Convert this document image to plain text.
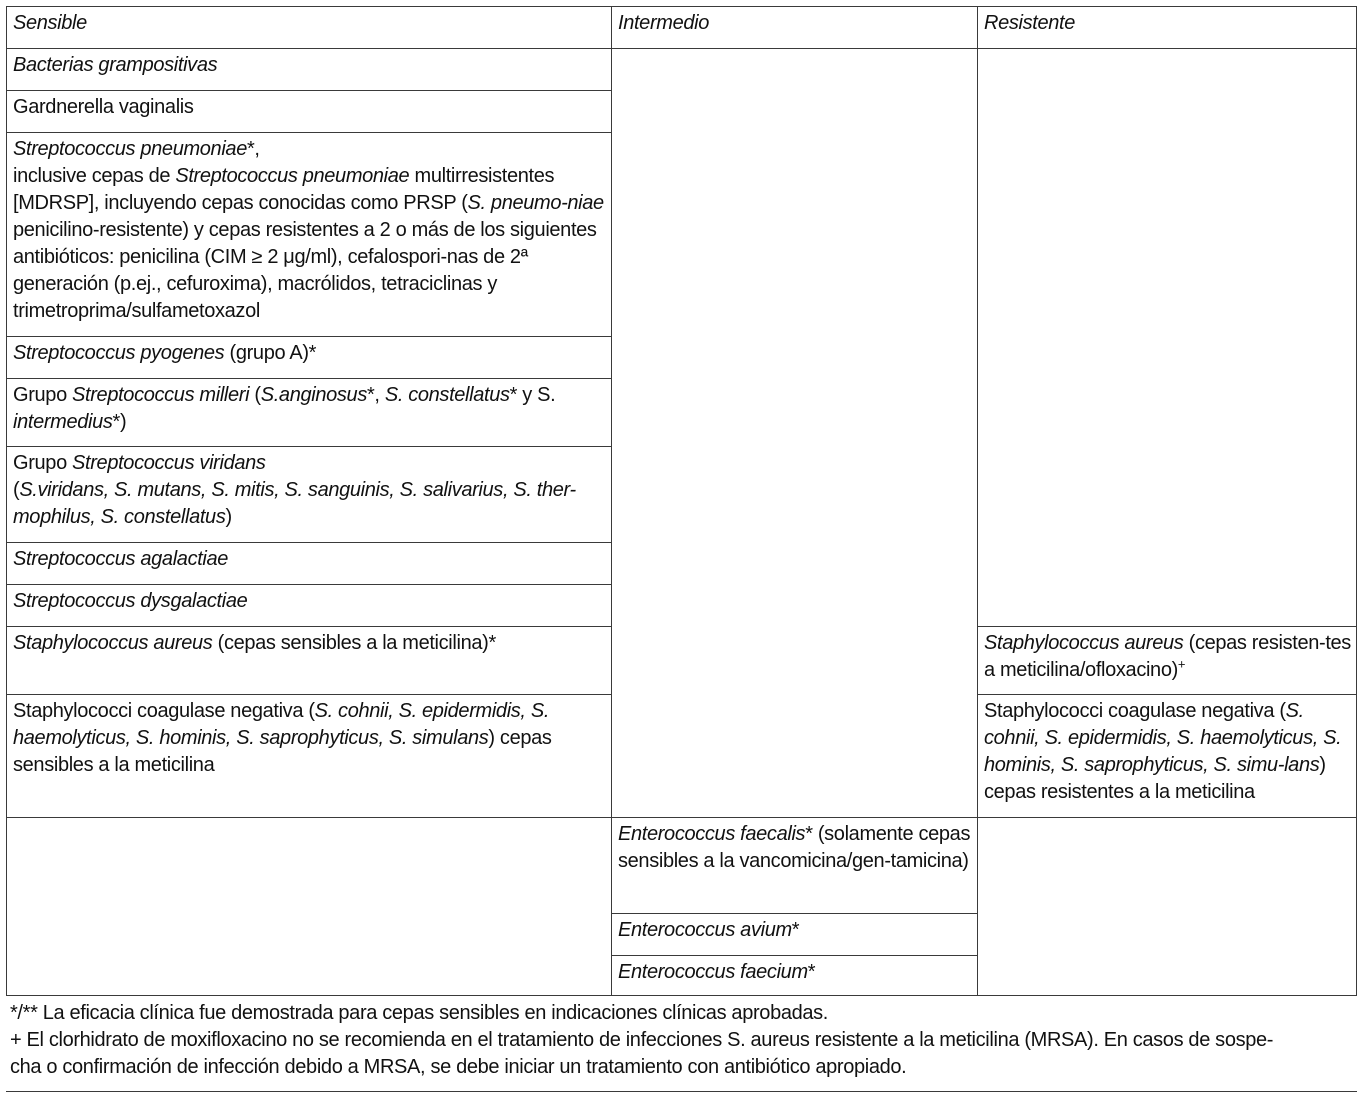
Sensible	Intermedio	Resistente
Bacterias grampositivas
Gardnerella vaginalis
Streptococcus pneumoniae*,
inclusive cepas de Streptococcus pneumoniae multirresistentes [MDRSP], incluyendo cepas conocidas como PRSP (S. pneumo-niae penicilino-resistente) y cepas resistentes a 2 o más de los siguientes antibióticos: penicilina (CIM ≥ 2 μg/ml), cefalospori-nas de 2ª generación (p.ej., cefuroxima), macrólidos, tetraciclinas y trimetroprima/sulfametoxazol
Streptococcus pyogenes (grupo A)*
Grupo Streptococcus milleri (S.anginosus*, S. constellatus* y S. intermedius*)
Grupo Streptococcus viridans
(S.viridans, S. mutans, S. mitis, S. sanguinis, S. salivarius, S. ther-mophilus, S. constellatus)
Streptococcus agalactiae
Streptococcus dysgalactiae
Staphylococcus aureus (cepas sensibles a la meticilina)*
Staphylococci coagulase negativa (S. cohnii, S. epidermidis, S. haemolyticus, S. hominis, S. saprophyticus, S. simulans) cepas sensibles a la meticilina
Staphylococcus aureus (cepas resisten-tes a meticilina/ofloxacino)+
Staphylococci coagulase negativa (S. cohnii, S. epidermidis, S. haemolyticus, S. hominis, S. saprophyticus, S. simu-lans) cepas resistentes a la meticilina
Enterococcus faecalis* (solamente cepas sensibles a la vancomicina/gen-tamicina)
Enterococcus avium*
Enterococcus faecium*
*/** La eficacia clínica fue demostrada para cepas sensibles en indicaciones clínicas aprobadas.
+ El clorhidrato de moxifloxacino no se recomienda en el tratamiento de infecciones S. aureus resistente a la meticilina (MRSA). En casos de sospe-
cha o confirmación de infección debido a MRSA, se debe iniciar un tratamiento con antibiótico apropiado.
